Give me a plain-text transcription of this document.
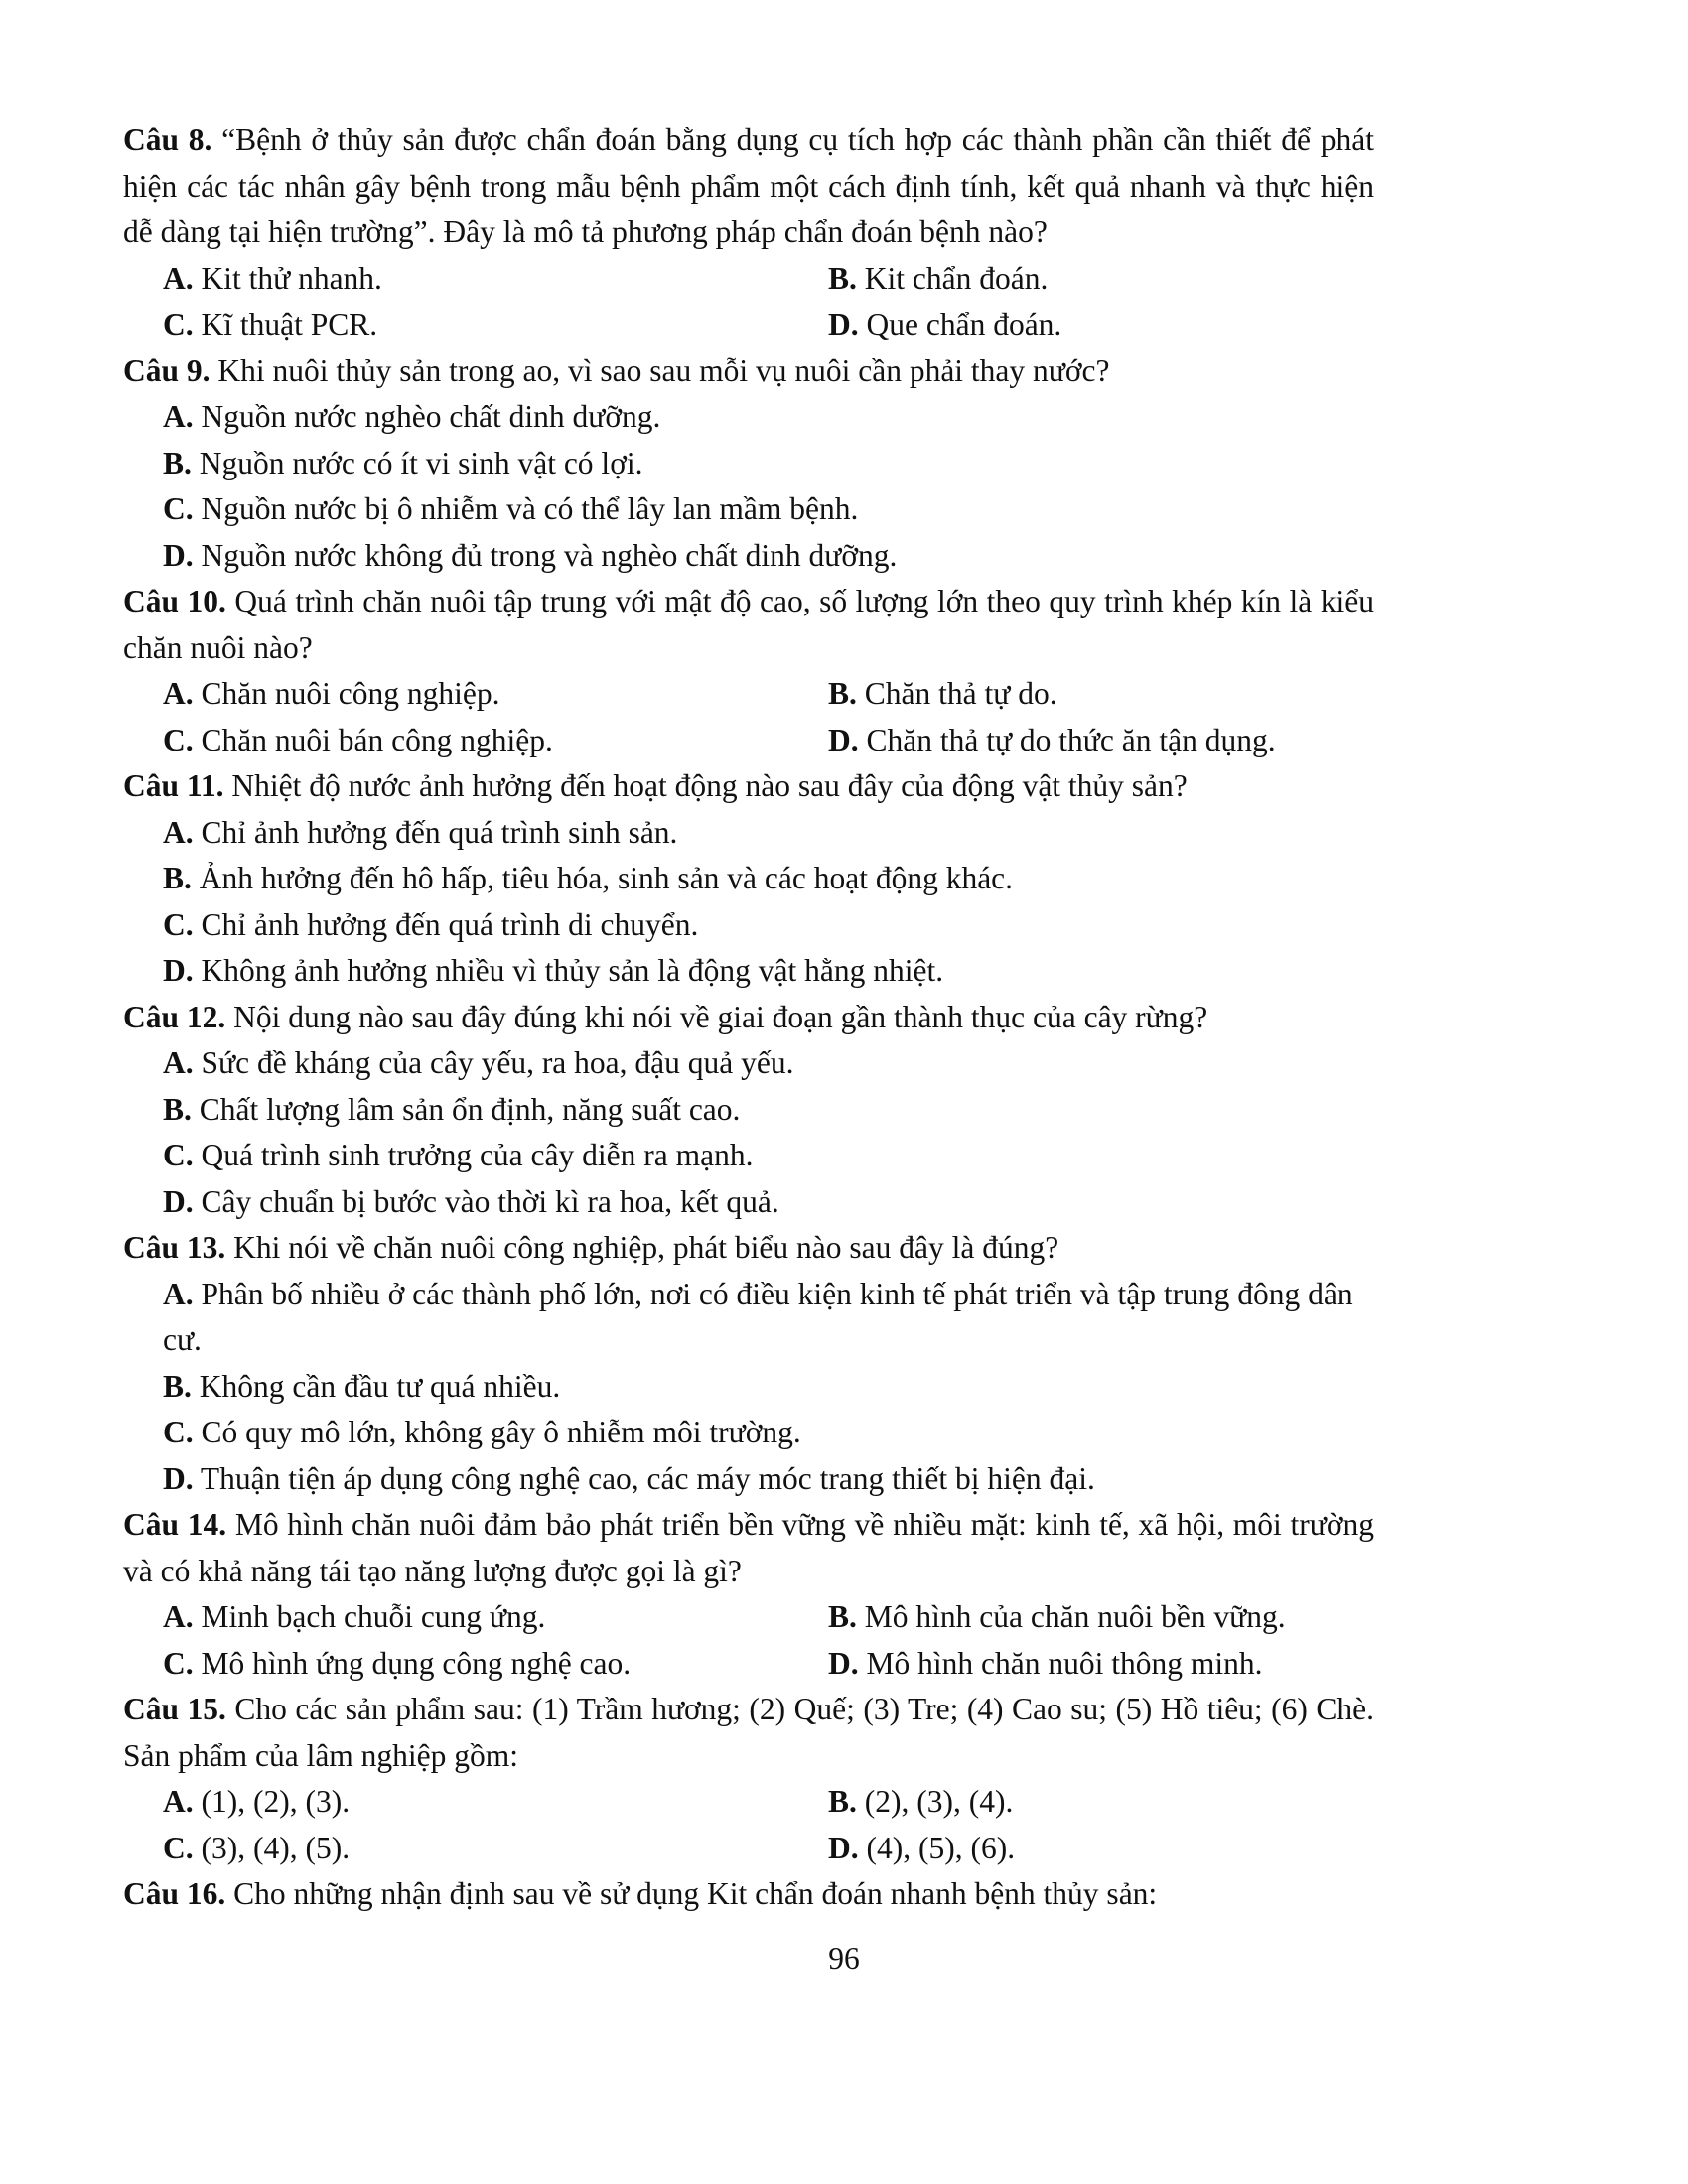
Câu 8. “Bệnh ở thủy sản được chẩn đoán bằng dụng cụ tích hợp các thành phần cần thiết để phát hiện các tác nhân gây bệnh trong mẫu bệnh phẩm một cách định tính, kết quả nhanh và thực hiện dễ dàng tại hiện trường”. Đây là mô tả phương pháp chẩn đoán bệnh nào?

A. Kit thử nhanh.	B. Kit chẩn đoán.
C. Kĩ thuật PCR.	D. Que chẩn đoán.

Câu 9. Khi nuôi thủy sản trong ao, vì sao sau mỗi vụ nuôi cần phải thay nước?

A. Nguồn nước nghèo chất dinh dưỡng.
B. Nguồn nước có ít vi sinh vật có lợi.
C. Nguồn nước bị ô nhiễm và có thể lây lan mầm bệnh.
D. Nguồn nước không đủ trong và nghèo chất dinh dưỡng.

Câu 10. Quá trình chăn nuôi tập trung với mật độ cao, số lượng lớn theo quy trình khép kín là kiểu chăn nuôi nào?

A. Chăn nuôi công nghiệp.	B. Chăn thả tự do.
C. Chăn nuôi bán công nghiệp.	D. Chăn thả tự do thức ăn tận dụng.

Câu 11. Nhiệt độ nước ảnh hưởng đến hoạt động nào sau đây của động vật thủy sản?

A. Chỉ ảnh hưởng đến quá trình sinh sản.
B. Ảnh hưởng đến hô hấp, tiêu hóa, sinh sản và các hoạt động khác.
C. Chỉ ảnh hưởng đến quá trình di chuyển.
D. Không ảnh hưởng nhiều vì thủy sản là động vật hằng nhiệt.

Câu 12. Nội dung nào sau đây đúng khi nói về giai đoạn gần thành thục của cây rừng?

A. Sức đề kháng của cây yếu, ra hoa, đậu quả yếu.
B. Chất lượng lâm sản ổn định, năng suất cao.
C. Quá trình sinh trưởng của cây diễn ra mạnh.
D. Cây chuẩn bị bước vào thời kì ra hoa, kết quả.

Câu 13. Khi nói về chăn nuôi công nghiệp, phát biểu nào sau đây là đúng?

A. Phân bố nhiều ở các thành phố lớn, nơi có điều kiện kinh tế phát triển và tập trung đông dân cư.
B. Không cần đầu tư quá nhiều.
C. Có quy mô lớn, không gây ô nhiễm môi trường.
D. Thuận tiện áp dụng công nghệ cao, các máy móc trang thiết bị hiện đại.

Câu 14. Mô hình chăn nuôi đảm bảo phát triển bền vững về nhiều mặt: kinh tế, xã hội, môi trường và có khả năng tái tạo năng lượng được gọi là gì?

A. Minh bạch chuỗi cung ứng.	B. Mô hình của chăn nuôi bền vững.
C. Mô hình ứng dụng công nghệ cao.	D. Mô hình chăn nuôi thông minh.

Câu 15. Cho các sản phẩm sau: (1) Trầm hương; (2) Quế; (3) Tre; (4) Cao su; (5) Hồ tiêu; (6) Chè. Sản phẩm của lâm nghiệp gồm:

A. (1), (2), (3).	B. (2), (3), (4).
C. (3), (4), (5).	D. (4), (5), (6).

Câu 16. Cho những nhận định sau về sử dụng Kit chẩn đoán nhanh bệnh thủy sản:

96
